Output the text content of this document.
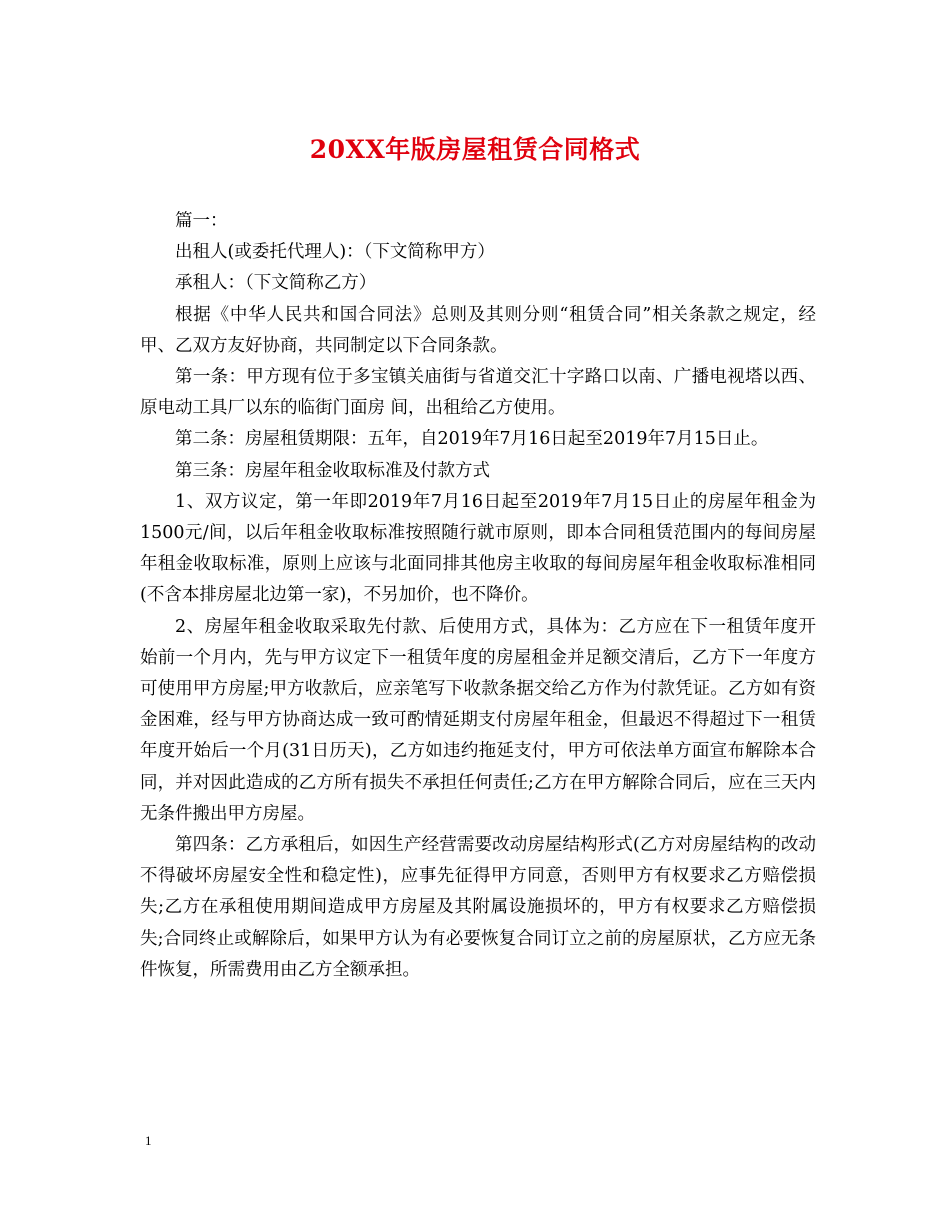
20XX年版房屋租赁合同格式

篇一：

出租人(或委托代理人)：（下文简称甲方）

承租人：（下文简称乙方）

根据《中华人民共和国合同法》总则及其则分则“租赁合同”相关条款之规定，经甲、乙双方友好协商，共同制定以下合同条款。

第一条：甲方现有位于多宝镇关庙街与省道交汇十字路口以南、广播电视塔以西、原电动工具厂以东的临街门面房 间，出租给乙方使用。

第二条：房屋租赁期限：五年，自2019年7月16日起至2019年7月15日止。

第三条：房屋年租金收取标准及付款方式

1、双方议定，第一年即2019年7月16日起至2019年7月15日止的房屋年租金为1500元/间，以后年租金收取标准按照随行就市原则，即本合同租赁范围内的每间房屋年租金收取标准，原则上应该与北面同排其他房主收取的每间房屋年租金收取标准相同(不含本排房屋北边第一家)，不另加价，也不降价。

2、房屋年租金收取采取先付款、后使用方式，具体为：乙方应在下一租赁年度开始前一个月内，先与甲方议定下一租赁年度的房屋租金并足额交清后，乙方下一年度方可使用甲方房屋;甲方收款后，应亲笔写下收款条据交给乙方作为付款凭证。乙方如有资金困难，经与甲方协商达成一致可酌情延期支付房屋年租金，但最迟不得超过下一租赁年度开始后一个月(31日历天)，乙方如违约拖延支付，甲方可依法单方面宣布解除本合同，并对因此造成的乙方所有损失不承担任何责任;乙方在甲方解除合同后，应在三天内无条件搬出甲方房屋。

第四条：乙方承租后，如因生产经营需要改动房屋结构形式(乙方对房屋结构的改动不得破坏房屋安全性和稳定性)，应事先征得甲方同意，否则甲方有权要求乙方赔偿损失;乙方在承租使用期间造成甲方房屋及其附属设施损坏的，甲方有权要求乙方赔偿损失;合同终止或解除后，如果甲方认为有必要恢复合同订立之前的房屋原状，乙方应无条件恢复，所需费用由乙方全额承担。

1
